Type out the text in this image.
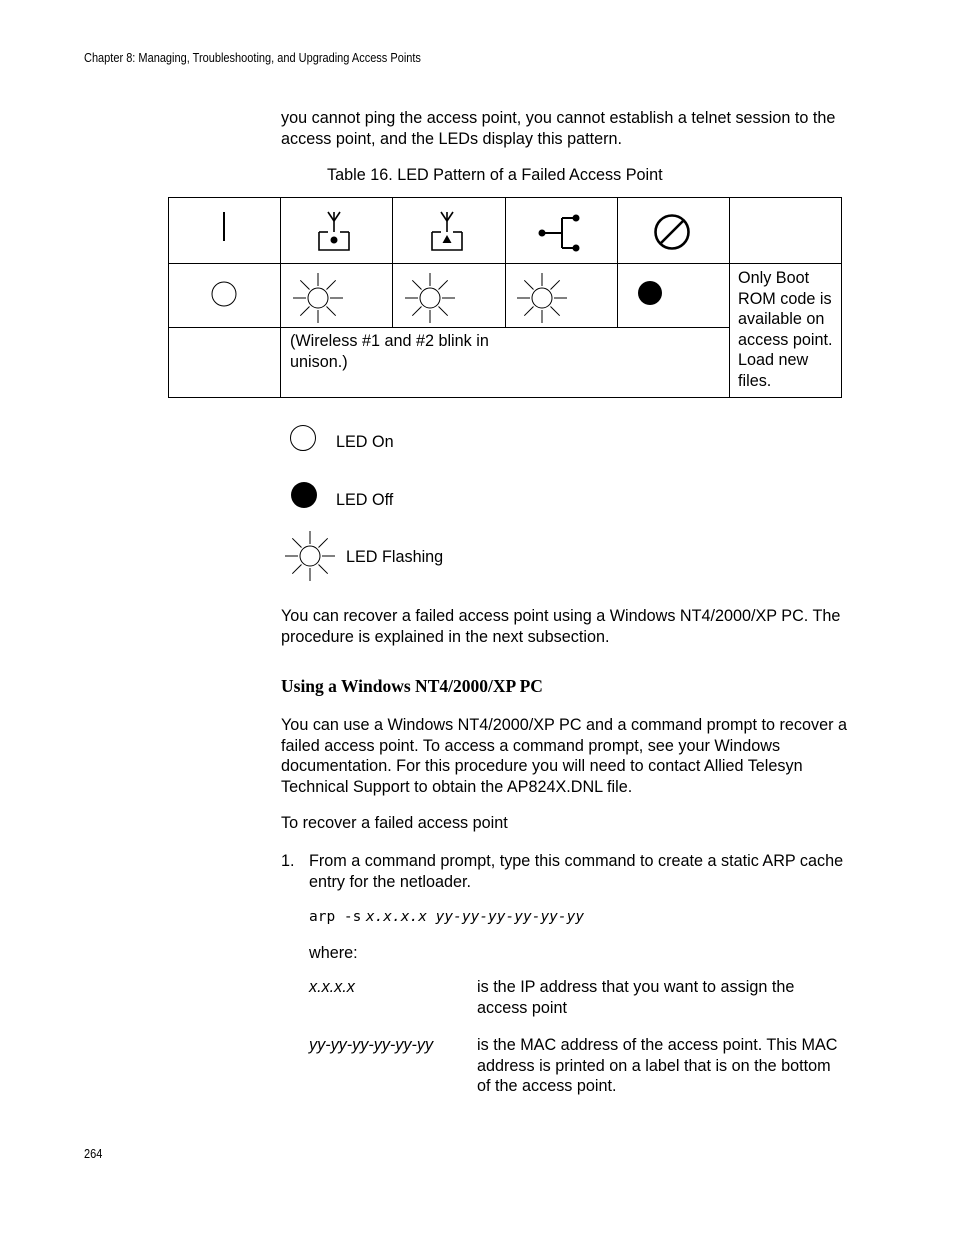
Chapter 8: Managing, Troubleshooting, and Upgrading Access Points
you cannot ping the access point, you cannot establish a telnet session to the access point, and the LEDs display this pattern.
Table 16. LED Pattern of a Failed Access Point
(Wireless #1 and #2 blink in unison.)
Only Boot ROM code is available on access point. Load new files.
LED On
LED Off
LED Flashing
You can recover a failed access point using a Windows NT4/2000/XP PC. The procedure is explained in the next subsection.
Using a Windows NT4/2000/XP PC
You can use a Windows NT4/2000/XP PC and a command prompt to recover a failed access point. To access a command prompt, see your Windows documentation. For this procedure you will need to contact Allied Telesyn Technical Support to obtain the AP824X.DNL file.
To recover a failed access point
1. From a command prompt, type this command to create a static ARP cache entry for the netloader.
arp -s x.x.x.x yy-yy-yy-yy-yy-yy
where:
x.x.x.x	is the IP address that you want to assign the access point
yy-yy-yy-yy-yy-yy	is the MAC address of the access point. This MAC address is printed on a label that is on the bottom of the access point.
264
